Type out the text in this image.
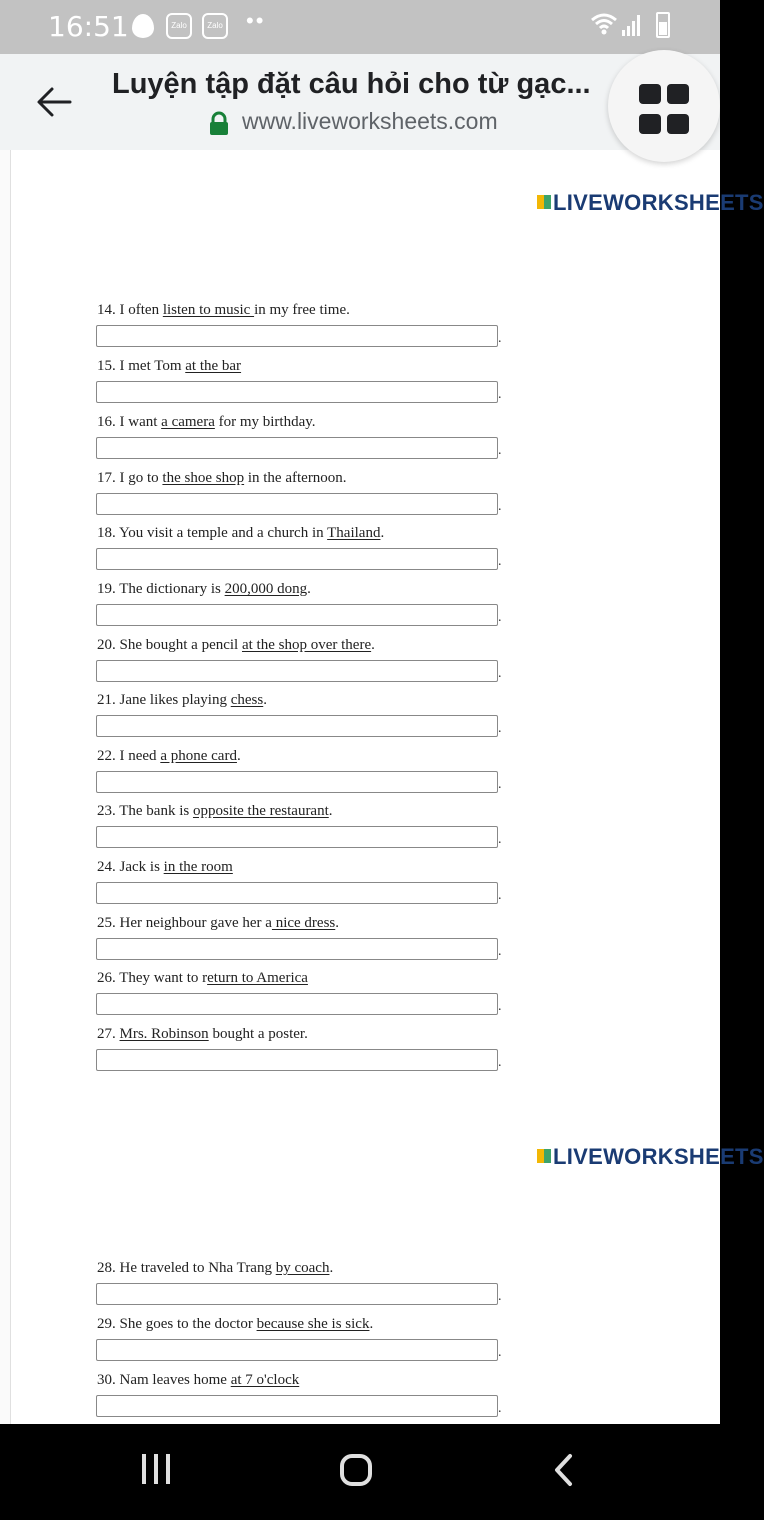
16:51	Zalo	Zalo ••
Luyện tập đặt câu hỏi cho từ gạc...
www.liveworksheets.com
LIVEWORKSHEETS
LIVEWORKSHEETS
14. I often listen to music in my free time.
.
15. I met Tom at the bar
.
16. I want a camera for my birthday.
.
17. I go to the shoe shop in the afternoon.
.
18. You visit a temple and a church in Thailand.
.
19. The dictionary is 200,000 dong.
.
20. She bought a pencil at the shop over there.
.
21. Jane likes playing chess.
.
22. I need a phone card.
.
23. The bank is opposite the restaurant.
.
24. Jack is in the room
.
25. Her neighbour gave her a nice dress.
.
26. They want to return to America
.
27. Mrs. Robinson bought a poster.
.
28. He traveled to Nha Trang by coach.
.
29. She goes to the doctor because she is sick.
.
30. Nam leaves home at 7 o'clock
.
